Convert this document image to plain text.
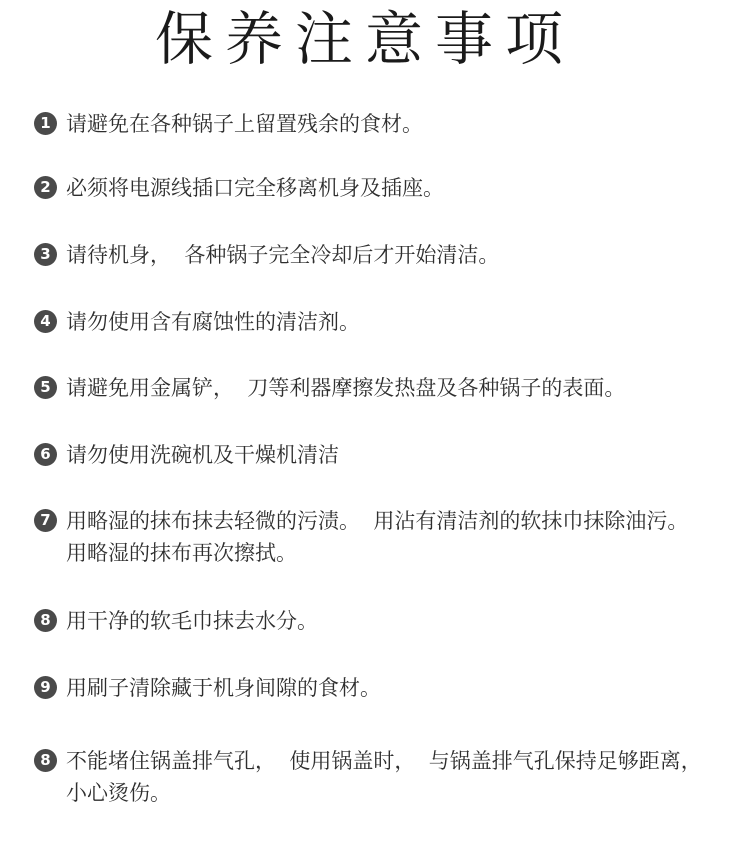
保养注意事项
1 请避免在各种锅子上留置残余的食材。
2 必须将电源线插口完全移离机身及插座。
3 请待机身，  各种锅子完全冷却后才开始清洁。
4 请勿使用含有腐蚀性的清洁剂。
5 请避免用金属铲，  刀等利器摩擦发热盘及各种锅子的表面。
6 请勿使用洗碗机及干燥机清洁
7 用略湿的抹布抹去轻微的污渍。  用沾有清洁剂的软抹巾抹除油污。  用略湿的抹布再次擦拭。
8 用干净的软毛巾抹去水分。
9 用刷子清除藏于机身间隙的食材。
8 不能堵住锅盖排气孔，  使用锅盖时，  与锅盖排气孔保持足够距离，  小心烫伤。
